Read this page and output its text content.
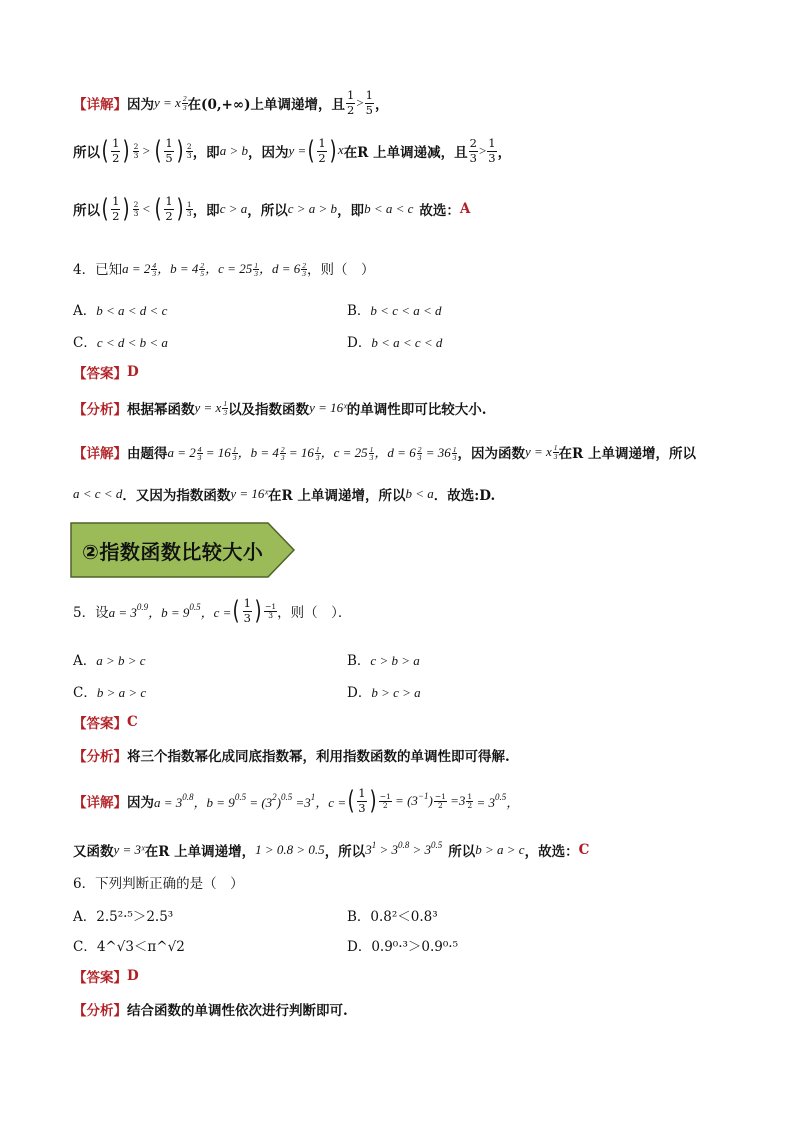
【详解】 因为 y = x $\frac{2}{3}$ 在(0,+∞)上单调递增，且 $\frac{1}{2} > \frac{1}{5}$ ，
所以 ( $\frac{1}{2}$ ) 2
3 > ( $\frac{1}{5}$ ) 2
3 ，即 a > b ，因为 y = ( $\frac{1}{2} )^x$ 在R 上单调递减，且 $\frac{2}{3} > \frac{1}{3}$ ，
所以 ( $\frac{1}{2}$ ) 2
3 < ( $\frac{1}{2}$ ) 1
3 ，即 c > a ，所以 c > a > b ，即 b < a < c 故选： A
4．已知 $a = 2 \frac{4}{3}$ ，$b = 4 \frac{2}{5}$ ，$c = 25 \frac{1}{3}$ ，$d = 6 \frac{2}{3}$ ，则（　）
A．b < a < d < c	B．b < c < a < d
C．c < d < b < a	D．b < a < c < d
【答案】 D
【分析】 根据幂函数 y = x $\frac{1}{3}$ 以及指数函数 y = 16ˣ 的单调性即可比较大小.
【详解】 由题得 $a = 2 \frac{4}{3} = 16 \frac{1}{3}$ ，$b = 4 \frac{2}{3} = 16 \frac{1}{3}$ ，$c = 25 \frac{1}{3}$ ，$d = 6 \frac{2}{3} = 36 \frac{1}{3}$ ，因为函数 y = x $\frac{1}{3}$ 在R 上单调递增，所以
a < c < d ．又因为指数函数 y = 16ˣ 在R 上单调递增，所以 b < a ．故选:D.
②指数函数比较大小
5．设 $a = 3^{0.9}$，$b = 9^{0.5}$，c = ( $\frac{1}{3}$ ) −1
3 ，则（　）．
A．a > b > c	B．c > b > a
C．b > a > c	D．b > c > a
【答案】 C
【分析】 将三个指数幂化成同底指数幂，利用指数函数的单调性即可得解.
【详解】 因为 $a = 3^{0.8}$，$b = 9^{0.5} = (3^2)^{0.5} =3^1$，c = ( $\frac{1}{3}$ ) $\frac{-1}{2} = (3^{-1}) \frac{-1}{2} =3 \frac{1}{2} = 3^{0.5}$，
又函数 y = 3ˣ 在R 上单调递增， 1 > 0.8 > 0.5 ，所以 $3^1 > 3^{0.8} > 3^{0.5}$ 所以 b > a > c ，故选： C
6．下列判断正确的是（　）
A．2.5²·⁵＞2.5³	B．0.8²＜0.8³
C．4^√3＜π^√2	D．0.9⁰·³＞0.9⁰·⁵
【答案】 D
【分析】 结合函数的单调性依次进行判断即可.
